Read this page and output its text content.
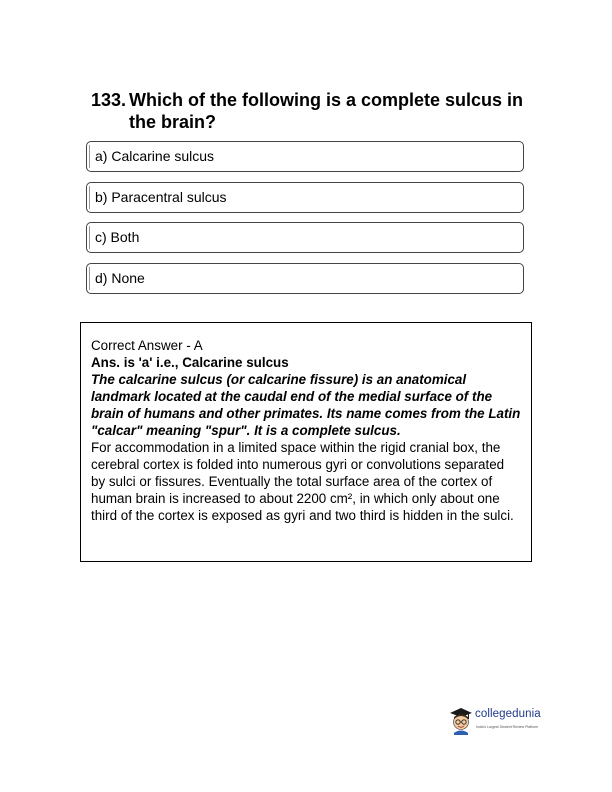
133. Which of the following is a complete sulcus in the brain?
a) Calcarine sulcus
b) Paracentral sulcus
c) Both
d) None

Correct Answer - A

Ans. is 'a' i.e., Calcarine sulcus

The calcarine sulcus (or calcarine fissure) is an anatomical landmark located at the caudal end of the medial surface of the brain of humans and other primates. Its name comes from the Latin "calcar" meaning "spur". It is a complete sulcus.

For accommodation in a limited space within the rigid cranial box, the cerebral cortex is folded into numerous gyri or convolutions separated by sulci or fissures. Eventually the total surface area of the cortex of human brain is increased to about 2200 cm², in which only about one third of the cortex is exposed as gyri and two third is hidden in the sulci.

collegedunia
India's Largest Student Review Platform
